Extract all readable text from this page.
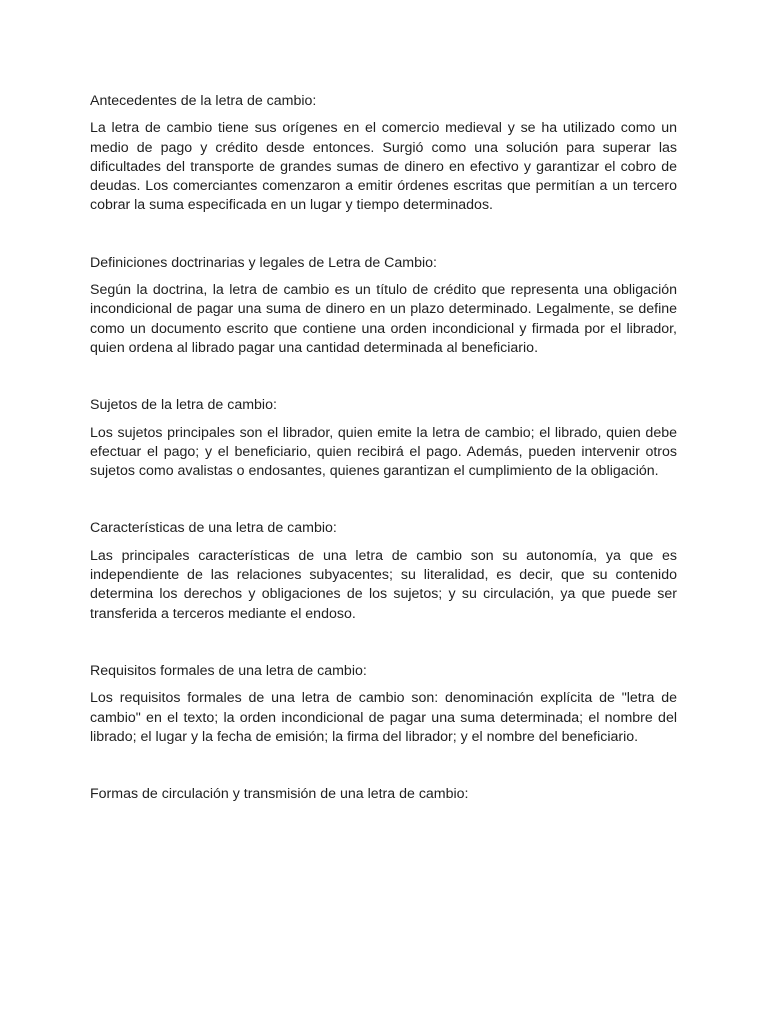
Antecedentes de la letra de cambio:

La letra de cambio tiene sus orígenes en el comercio medieval y se ha utilizado como un medio de pago y crédito desde entonces. Surgió como una solución para superar las dificultades del transporte de grandes sumas de dinero en efectivo y garantizar el cobro de deudas. Los comerciantes comenzaron a emitir órdenes escritas que permitían a un tercero cobrar la suma especificada en un lugar y tiempo determinados.

Definiciones doctrinarias y legales de Letra de Cambio:

Según la doctrina, la letra de cambio es un título de crédito que representa una obligación incondicional de pagar una suma de dinero en un plazo determinado. Legalmente, se define como un documento escrito que contiene una orden incondicional y firmada por el librador, quien ordena al librado pagar una cantidad determinada al beneficiario.

Sujetos de la letra de cambio:

Los sujetos principales son el librador, quien emite la letra de cambio; el librado, quien debe efectuar el pago; y el beneficiario, quien recibirá el pago. Además, pueden intervenir otros sujetos como avalistas o endosantes, quienes garantizan el cumplimiento de la obligación.

Características de una letra de cambio:

Las principales características de una letra de cambio son su autonomía, ya que es independiente de las relaciones subyacentes; su literalidad, es decir, que su contenido determina los derechos y obligaciones de los sujetos; y su circulación, ya que puede ser transferida a terceros mediante el endoso.

Requisitos formales de una letra de cambio:

Los requisitos formales de una letra de cambio son: denominación explícita de "letra de cambio" en el texto; la orden incondicional de pagar una suma determinada; el nombre del librado; el lugar y la fecha de emisión; la firma del librador; y el nombre del beneficiario.

Formas de circulación y transmisión de una letra de cambio:
